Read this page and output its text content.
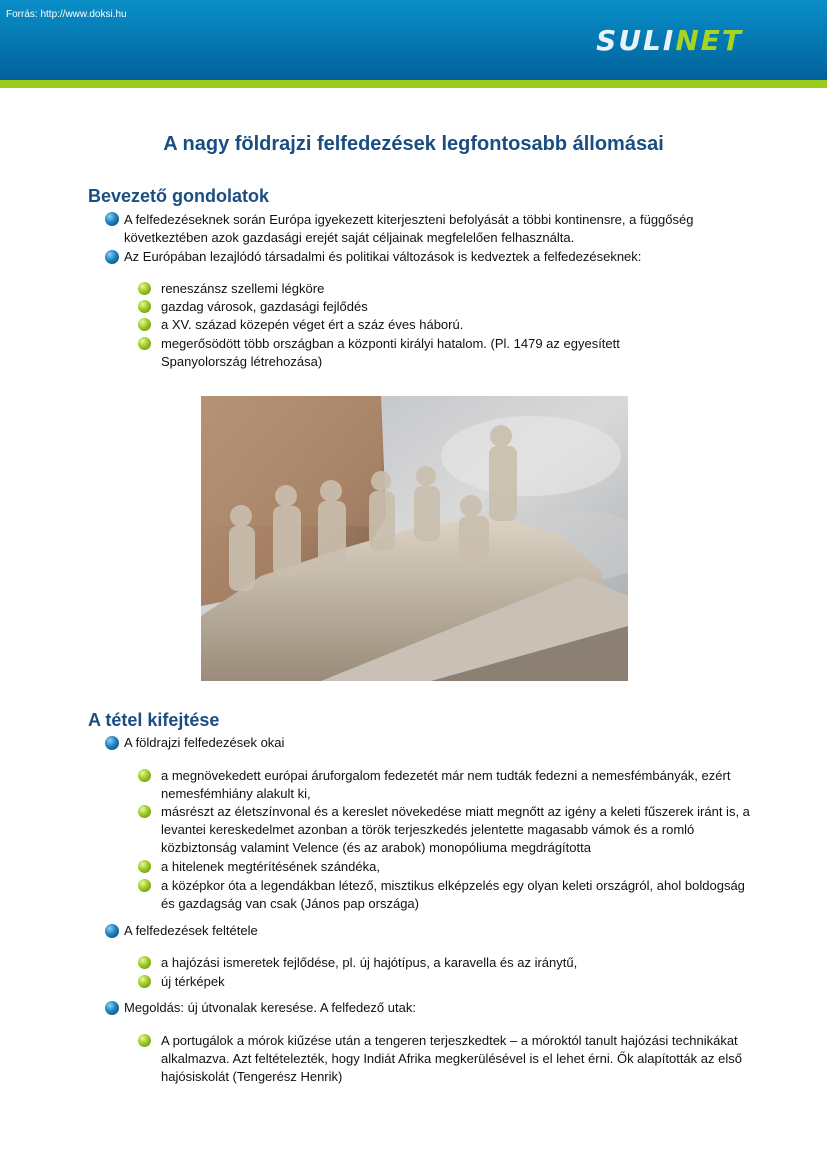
Forrás: http://www.doksi.hu
SULINET
A nagy földrajzi felfedezések legfontosabb állomásai
Bevezető gondolatok
A felfedezéseknek során Európa igyekezett kiterjeszteni befolyását a többi kontinensre, a függőség következtében azok gazdasági erejét saját céljainak megfelelően felhasználta.
Az Európában lezajlódó társadalmi és politikai változások is kedveztek a felfedezéseknek:
reneszánsz szellemi légköre
gazdag városok, gazdasági fejlődés
a XV. század közepén véget ért a száz éves háború.
megerősödött több országban a központi királyi hatalom. (Pl. 1479 az egyesített Spanyolország létrehozása)
A tétel kifejtése
A földrajzi felfedezések okai
a megnövekedett európai áruforgalom fedezetét már nem tudták fedezni a nemesfémbányák, ezért nemesfémhiány alakult ki,
másrészt az életszínvonal és a kereslet növekedése miatt megnőtt az igény a keleti fűszerek iránt is, a levantei kereskedelmet azonban a török terjeszkedés jelentette magasabb vámok és a romló közbiztonság valamint Velence (és az arabok) monopóliuma megdrágította
a hitelenek megtérítésének szándéka,
a középkor óta a legendákban létező, misztikus elképzelés egy olyan keleti országról, ahol boldogság és gazdagság van csak (János pap országa)
A felfedezések feltétele
a hajózási ismeretek fejlődése, pl. új hajótípus, a karavella és az iránytű,
új térképek
Megoldás: új útvonalak keresése. A felfedező utak:
A portugálok a mórok kiűzése után a tengeren terjeszkedtek – a móroktól tanult hajózási technikákat alkalmazva. Azt feltételezték, hogy Indiát Afrika megkerülésével is el lehet érni. Ők alapították az első hajósiskolát (Tengerész Henrik)
